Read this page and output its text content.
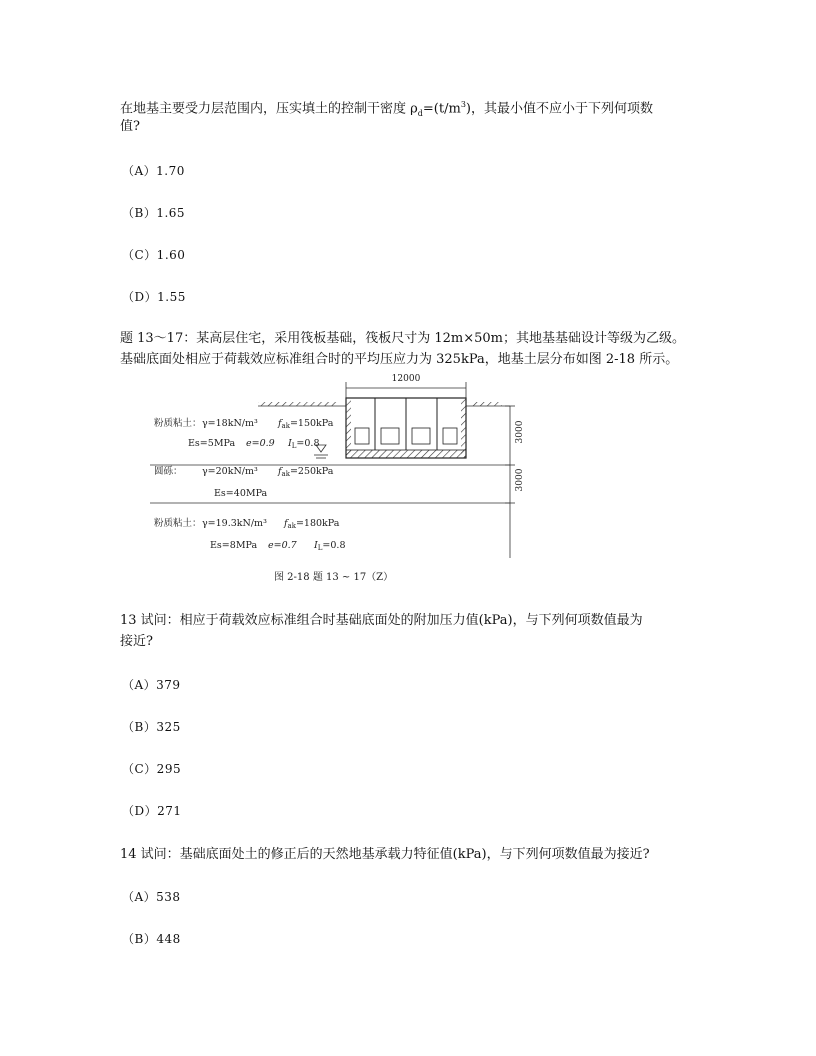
在地基主要受力层范围内，压实填土的控制干密度 $\rho_d=(t/m^3)$，其最小值不应小于下列何项数
值?
（A）1.70
（B）1.65
（C）1.60
（D）1.55
题 13～17：某高层住宅，采用筏板基础，筏板尺寸为 12m×50m；其地基基础设计等级为乙级。
基础底面处相应于荷载效应标准组合时的平均压应力为 325kPa，地基土层分布如图 2-18 所示。
12000
3000
3000
粉质粘土： γ=18kN/m³ $f_{ak}=150kPa$
Es=5MPa e=0.9 $I_L=0.8$
圆砾： γ=20kN/m³ $f_{ak}=250kPa$
Es=40MPa
粉质粘土： γ=19.3kN/m³ $f_{ak}=180kPa$
Es=8MPa e=0.7 $I_L=0.8$
图 2-18 题 13 ~ 17（Z）
13 试问：相应于荷载效应标准组合时基础底面处的附加压力值(kPa)，与下列何项数值最为
接近?
（A）379
（B）325
（C）295
（D）271
14 试问：基础底面处土的修正后的天然地基承载力特征值(kPa)，与下列何项数值最为接近?
（A）538
（B）448
